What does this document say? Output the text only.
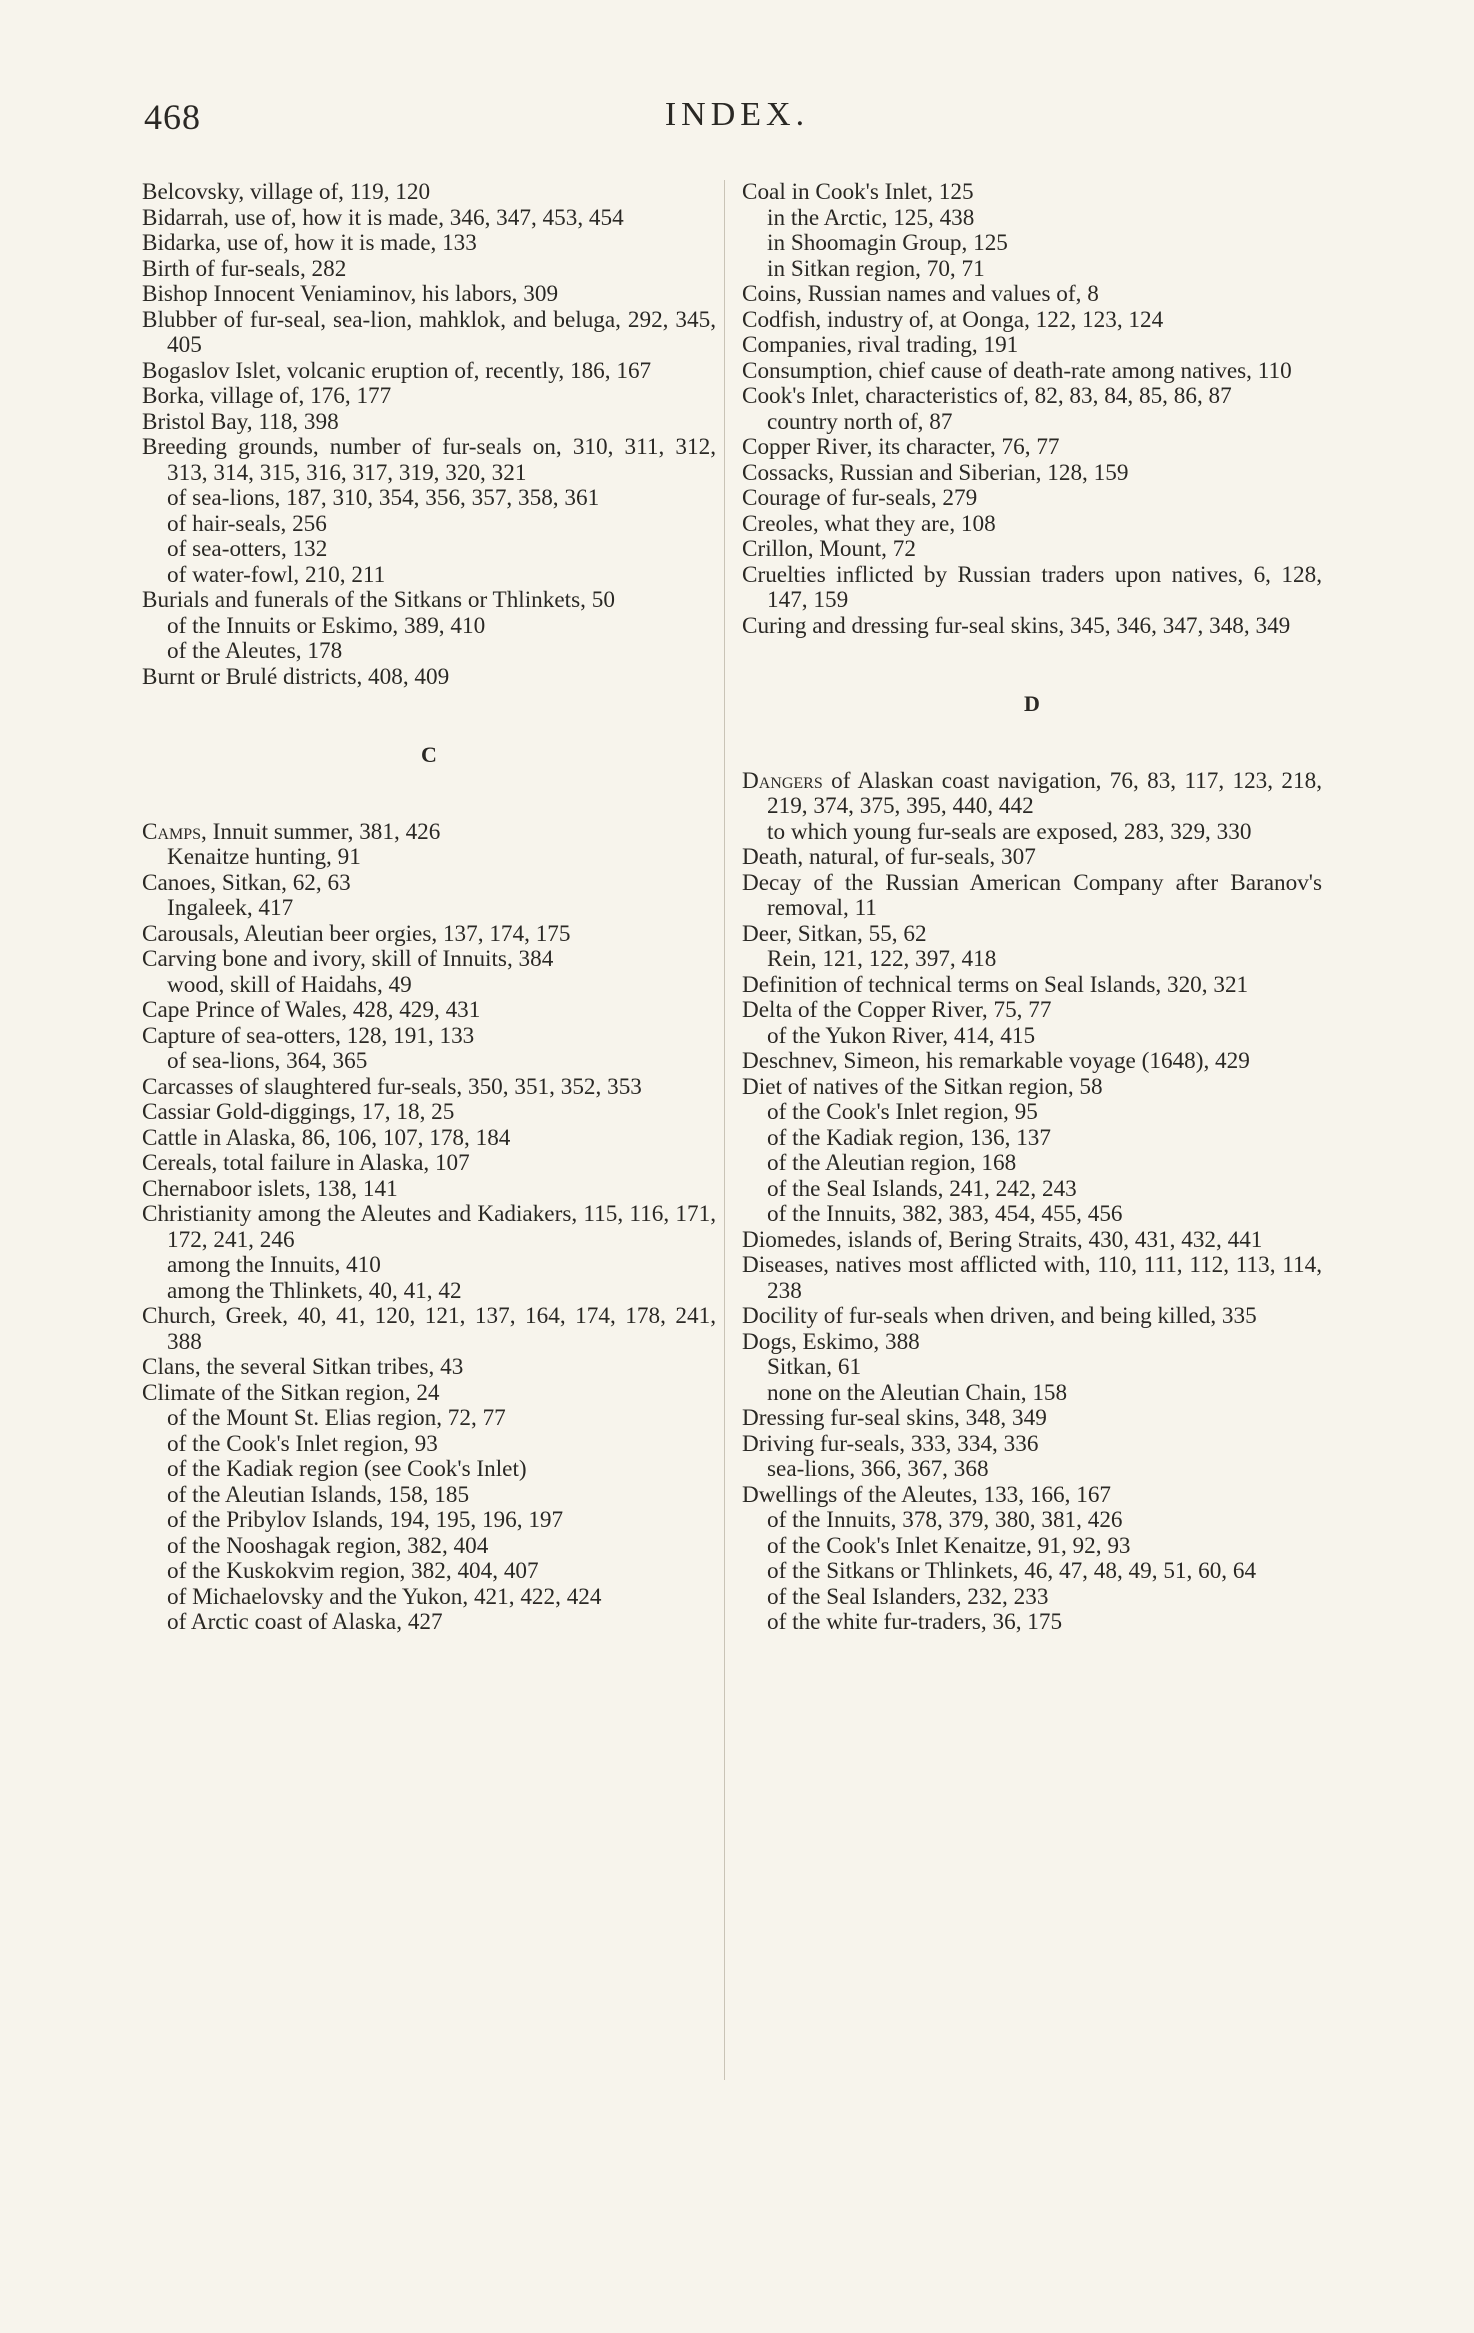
468	INDEX.
Belcovsky, village of, 119, 120
Bidarrah, use of, how it is made, 346, 347, 453, 454
Bidarka, use of, how it is made, 133
Birth of fur-seals, 282
Bishop Innocent Veniaminov, his labors, 309
Blubber of fur-seal, sea-lion, mahklok, and beluga, 292, 345, 405
Bogaslov Islet, volcanic eruption of, recently, 186, 167
Borka, village of, 176, 177
Bristol Bay, 118, 398
Breeding grounds, number of fur-seals on, 310, 311, 312, 313, 314, 315, 316, 317, 319, 320, 321
of sea-lions, 187, 310, 354, 356, 357, 358, 361
of hair-seals, 256
of sea-otters, 132
of water-fowl, 210, 211
Burials and funerals of the Sitkans or Thlinkets, 50
of the Innuits or Eskimo, 389, 410
of the Aleutes, 178
Burnt or Brulé districts, 408, 409
C
Camps, Innuit summer, 381, 426
Kenaitze hunting, 91
Canoes, Sitkan, 62, 63
Ingaleek, 417
Carousals, Aleutian beer orgies, 137, 174, 175
Carving bone and ivory, skill of Innuits, 384
wood, skill of Haidahs, 49
Cape Prince of Wales, 428, 429, 431
Capture of sea-otters, 128, 191, 133
of sea-lions, 364, 365
Carcasses of slaughtered fur-seals, 350, 351, 352, 353
Cassiar Gold-diggings, 17, 18, 25
Cattle in Alaska, 86, 106, 107, 178, 184
Cereals, total failure in Alaska, 107
Chernaboor islets, 138, 141
Christianity among the Aleutes and Kadiakers, 115, 116, 171, 172, 241, 246
among the Innuits, 410
among the Thlinkets, 40, 41, 42
Church, Greek, 40, 41, 120, 121, 137, 164, 174, 178, 241, 388
Clans, the several Sitkan tribes, 43
Climate of the Sitkan region, 24
of the Mount St. Elias region, 72, 77
of the Cook's Inlet region, 93
of the Kadiak region (see Cook's Inlet)
of the Aleutian Islands, 158, 185
of the Pribylov Islands, 194, 195, 196, 197
of the Nooshagak region, 382, 404
of the Kuskokvim region, 382, 404, 407
of Michaelovsky and the Yukon, 421, 422, 424
of Arctic coast of Alaska, 427
Coal in Cook's Inlet, 125
in the Arctic, 125, 438
in Shoomagin Group, 125
in Sitkan region, 70, 71
Coins, Russian names and values of, 8
Codfish, industry of, at Oonga, 122, 123, 124
Companies, rival trading, 191
Consumption, chief cause of death-rate among natives, 110
Cook's Inlet, characteristics of, 82, 83, 84, 85, 86, 87
country north of, 87
Copper River, its character, 76, 77
Cossacks, Russian and Siberian, 128, 159
Courage of fur-seals, 279
Creoles, what they are, 108
Crillon, Mount, 72
Cruelties inflicted by Russian traders upon natives, 6, 128, 147, 159
Curing and dressing fur-seal skins, 345, 346, 347, 348, 349
D
Dangers of Alaskan coast navigation, 76, 83, 117, 123, 218, 219, 374, 375, 395, 440, 442
to which young fur-seals are exposed, 283, 329, 330
Death, natural, of fur-seals, 307
Decay of the Russian American Company after Baranov's removal, 11
Deer, Sitkan, 55, 62
Rein, 121, 122, 397, 418
Definition of technical terms on Seal Islands, 320, 321
Delta of the Copper River, 75, 77
of the Yukon River, 414, 415
Deschnev, Simeon, his remarkable voyage (1648), 429
Diet of natives of the Sitkan region, 58
of the Cook's Inlet region, 95
of the Kadiak region, 136, 137
of the Aleutian region, 168
of the Seal Islands, 241, 242, 243
of the Innuits, 382, 383, 454, 455, 456
Diomedes, islands of, Bering Straits, 430, 431, 432, 441
Diseases, natives most afflicted with, 110, 111, 112, 113, 114, 238
Docility of fur-seals when driven, and being killed, 335
Dogs, Eskimo, 388
Sitkan, 61
none on the Aleutian Chain, 158
Dressing fur-seal skins, 348, 349
Driving fur-seals, 333, 334, 336
sea-lions, 366, 367, 368
Dwellings of the Aleutes, 133, 166, 167
of the Innuits, 378, 379, 380, 381, 426
of the Cook's Inlet Kenaitze, 91, 92, 93
of the Sitkans or Thlinkets, 46, 47, 48, 49, 51, 60, 64
of the Seal Islanders, 232, 233
of the white fur-traders, 36, 175
